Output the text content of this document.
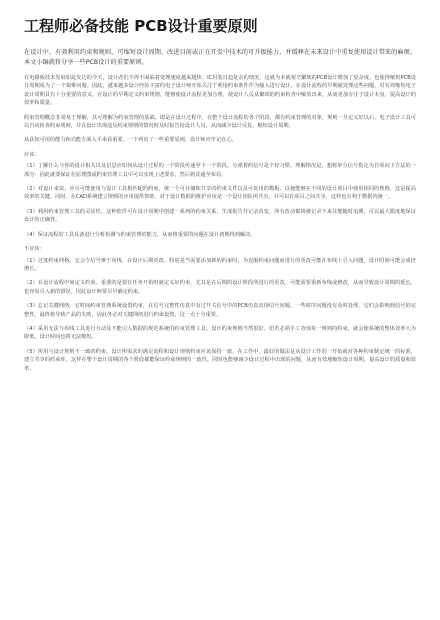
工程师必备技能 PCB设计重要原则

在设计中，有效利用约束和规则，可缩短设计周期、改进目前或正在开发中技术的可升级能力，并缓释在未来设计中重复使用设计带来的麻烦。本文小编就将分享一些PCB设计的重要原则。

在电路板技术发展如此发达的今天，设计者们不得不面临着处理速度越来越快、IC封装日趋复杂的情况，这就为本就艰辛繁琐的PCB设计增加了复杂度，也使得缩短PCB设计周期成为了一个艰难问题。因此，越来越多设计经验丰富的电子设计师开始关注于利用约束条件作为输入进行设计，在设计流程的早期就处理这些问题，对有效缩短电子设计周期具有十分重要的意义，在设计的早期定义约束规则，能够使设计流程更加合理，使设计人员从繁琐的约束检查中解放出来，从而更加专注于设计本身，提高设计的效率和质量。

约束管理概念非常易于理解，其可理解为约束管理的基础，即是在设计过程中，在整个设计流程的各个阶段，都有约束管理的对象，规则一旦定义好以后，电子设计工具可以自动检查约束规则，并在设计出现违反约束规则的情况时及时报告给设计人员，从而减少设计反复，缩短设计周期。

从获知可用的能力和功能方面入手来看重要，一下列出了一些重要原则，设计师应牢记在心。

应该：

（1）了解什么与你的设计相关以及信息应如何从设计过程的一个阶段传递至下一个阶段。分派着约信号是个好习惯。理解情况是，想将单分信号指定为自项向下方法的一部分：因此就要保证在原理图或约束管理工具中可以实现上述要求，然后将其通至布局。

（2）对设计来说，应尽可能使用与设计工具相匹配的约束，统一个可存储和共享的约束文件以及可复用的模板，以便能够在不同的设计项目中使用相同的规则，这是提高效率的关键。同时，在CAD系统建立规则的应用提供帮助，对于设计数据的维护应该是一个设计团队所共有，并可以在项目之间共享，这样也有利于数据的统一。

（3）利用约束管理工具的灵活性。这种软件可在设计周期中创建一系列的约束关系，生成报告并记录改变。所有改动都将被记录下来并能随时追溯，可以最大限度地保证设计的正确性。

（4）保证流程的工具具备进行分析检测与约束管理的能力，从而将重要的问题在设计初期得到解决。

不应该：

（1）过度约束网格。它会令信号难于布线，在设计后期更改、特别是当需要添加新的约束时，为克服约束问题而进行的更改可能在布线上引入问题，设计时间可能会成倍增长。

（2）在设计流程中间定义约束。重要的是要在任务开始时就定义好约束，尤其是在后期的设计阶段所进行的更改，可能需要重新布线或修改，从而导致设计周期的延长，也容易引入新的错误，因此设计师要尽早确定约束。

（3）忘记关键网络。它时间约束管理系统设置约束，在信号完整性仿真中有过开关信号中的PCB仿真出现信号问题，一些时序问题没有及时处理，它们会影响到信号的完整性，最终将导致产品的失败，因此务必对关键网络进行约束设置，这一点十分重要。

（4）采用无法与布线工具进行互动及不能引入数据的规范系统的约束管理工具。设计约束规则当然很好，但若必须手工查询每一规则的约束，就会使系统的整体效率大为降低，设计时间也将无法缩短。

（5）所用与设计规则不一致的约束。设计所需求的满足流程和设计规则约束应该保持一致，在工作中，最好的做法是从设计工作的一开始就对各种约束制定统一的标准，建立共享的约束库，这样在整个设计周期的各个阶段都能保证约束规则的一致性，同时也能够减少设计过程中出现的问题，从而有效地缩短设计周期，提高设计的质量和效率。
